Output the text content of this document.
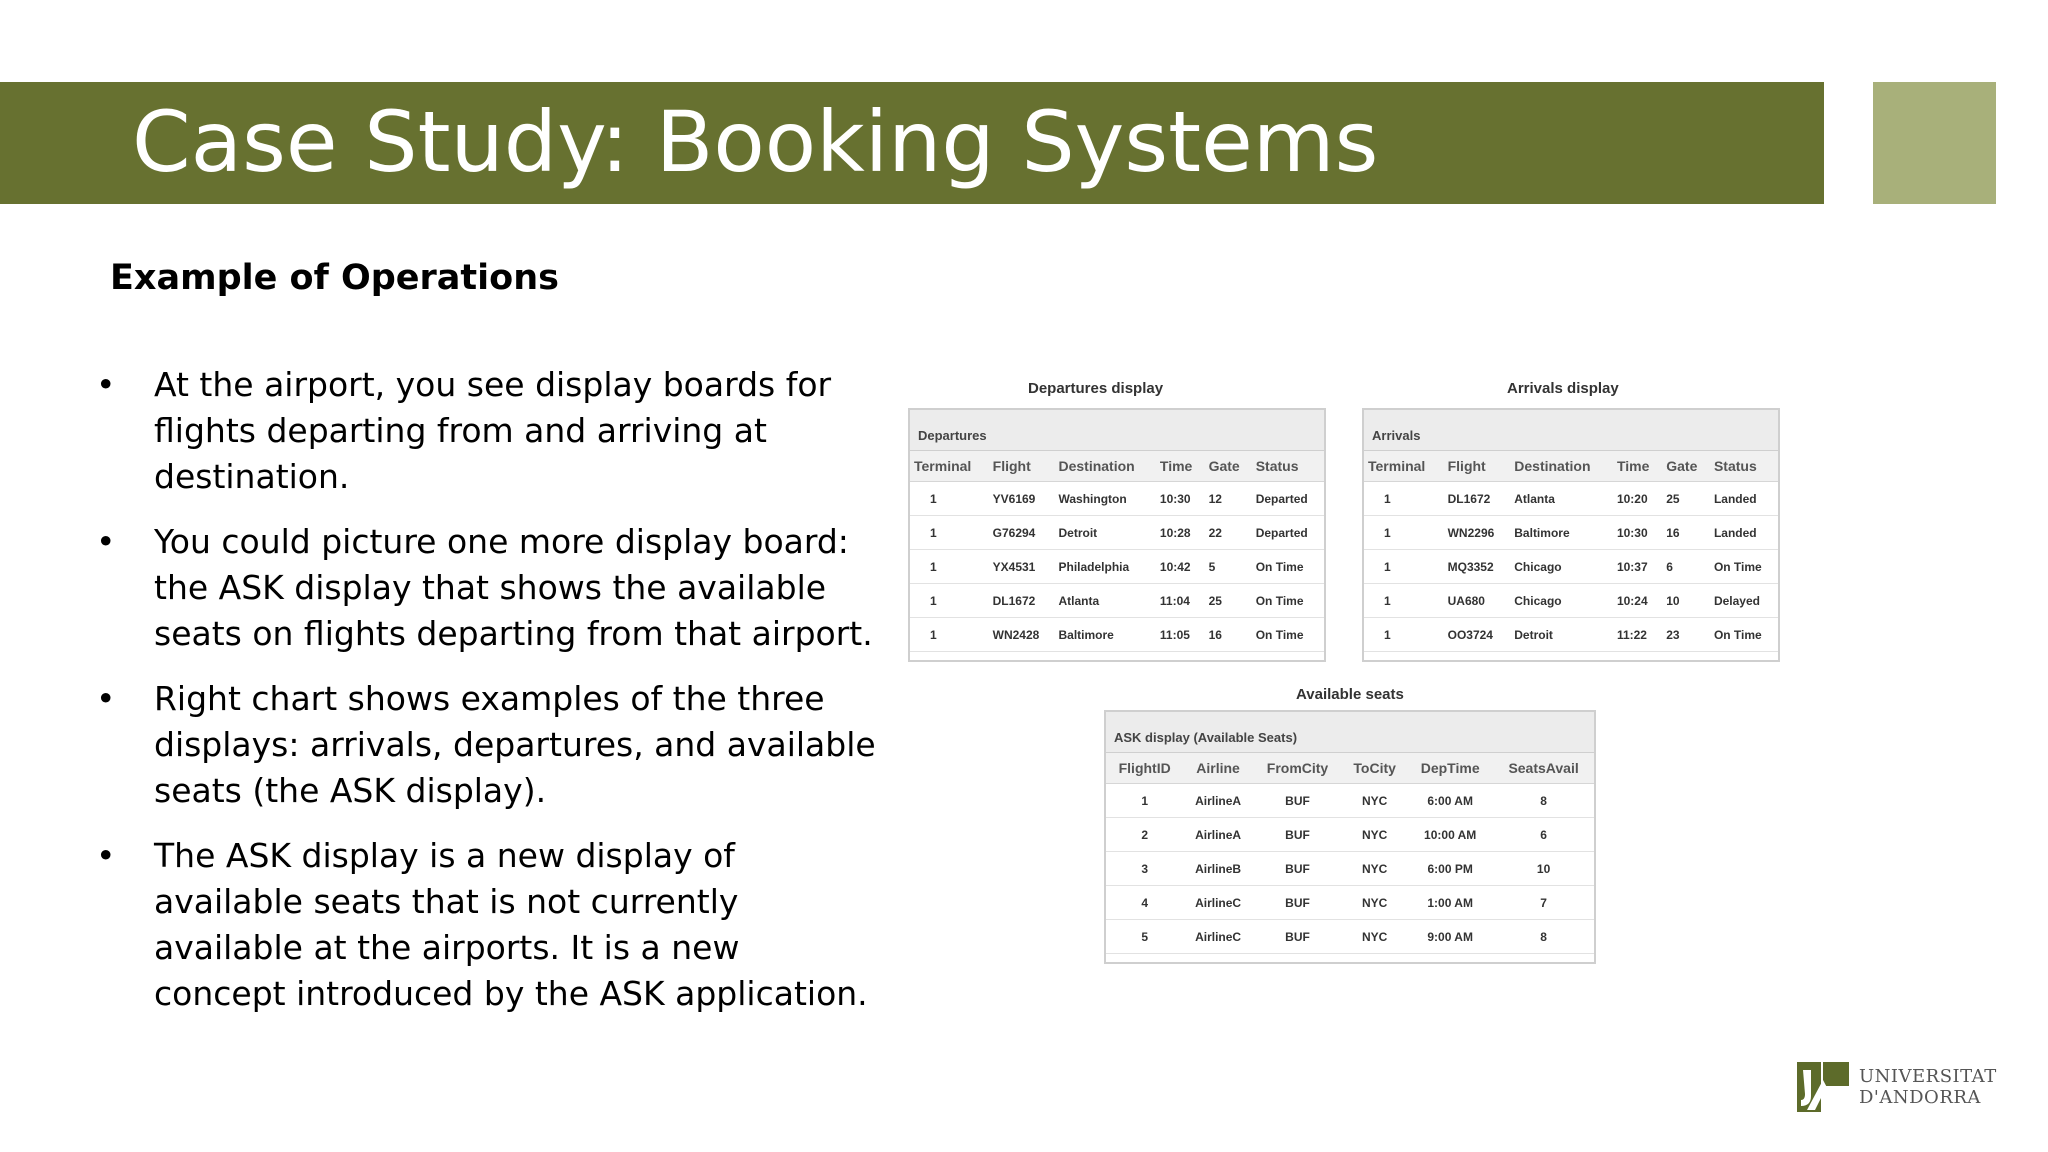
Case Study: Booking Systems
Example of Operations
• At the airport, you see display boards for flights departing from and arriving at destination.
• You could picture one more display board: the ASK display that shows the available seats on flights departing from that airport.
• Right chart shows examples of the three displays: arrivals, departures, and available seats (the ASK display).
• The ASK display is a new display of available seats that is not currently available at the airports. It is a new concept introduced by the ASK application.
Departures display
Departures
Terminal	Flight	Destination	Time	Gate	Status
1	YV6169	Washington	10:30	12	Departed
1	G76294	Detroit	10:28	22	Departed
1	YX4531	Philadelphia	10:42	5	On Time
1	DL1672	Atlanta	11:04	25	On Time
1	WN2428	Baltimore	11:05	16	On Time
Arrivals display
Arrivals
Terminal	Flight	Destination	Time	Gate	Status
1	DL1672	Atlanta	10:20	25	Landed
1	WN2296	Baltimore	10:30	16	Landed
1	MQ3352	Chicago	10:37	6	On Time
1	UA680	Chicago	10:24	10	Delayed
1	OO3724	Detroit	11:22	23	On Time
Available seats
ASK display (Available Seats)
FlightID	Airline	FromCity	ToCity	DepTime	SeatsAvail
1	AirlineA	BUF	NYC	6:00 AM	8
2	AirlineA	BUF	NYC	10:00 AM	6
3	AirlineB	BUF	NYC	6:00 PM	10
4	AirlineC	BUF	NYC	1:00 AM	7
5	AirlineC	BUF	NYC	9:00 AM	8
UNIVERSITAT
D'ANDORRA
